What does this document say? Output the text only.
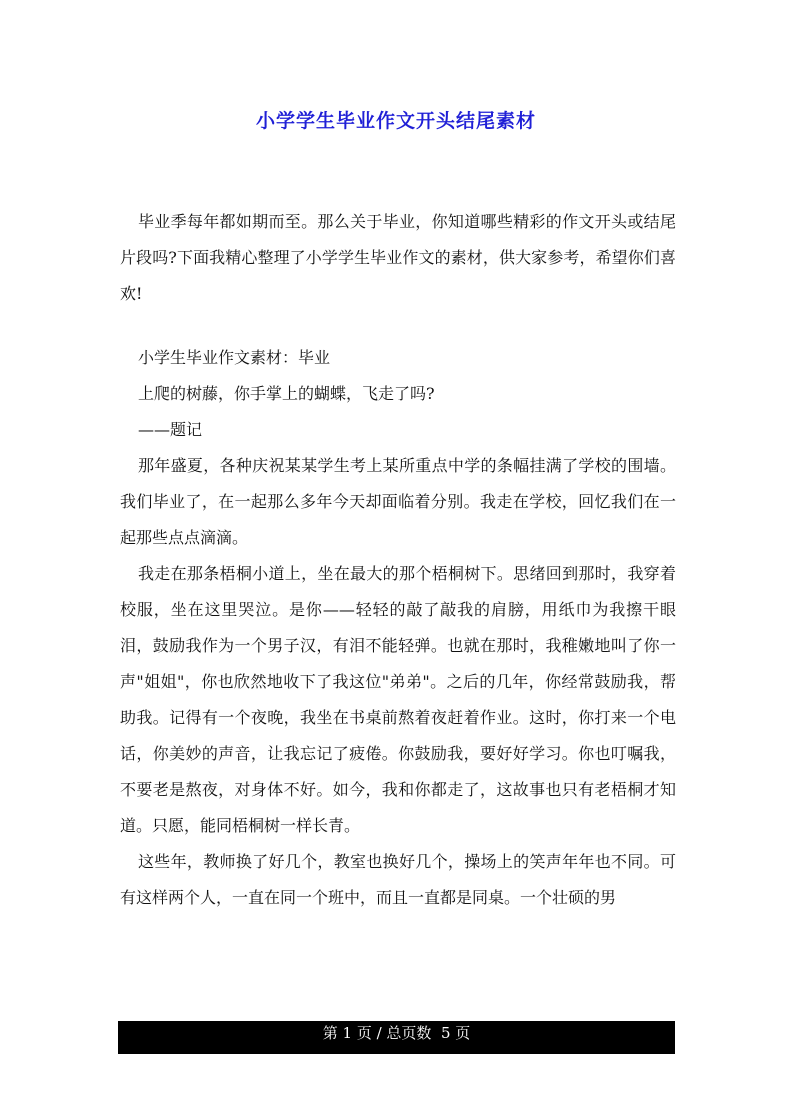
小学学生毕业作文开头结尾素材

毕业季每年都如期而至。那么关于毕业，你知道哪些精彩的作文开头或结尾片段吗?下面我精心整理了小学学生毕业作文的素材，供大家参考，希望你们喜欢!

小学生毕业作文素材：毕业

上爬的树藤，你手掌上的蝴蝶，飞走了吗?

——题记

那年盛夏，各种庆祝某某学生考上某所重点中学的条幅挂满了学校的围墙。我们毕业了，在一起那么多年今天却面临着分别。我走在学校，回忆我们在一起那些点点滴滴。

我走在那条梧桐小道上，坐在最大的那个梧桐树下。思绪回到那时，我穿着校服，坐在这里哭泣。是你——轻轻的敲了敲我的肩膀，用纸巾为我擦干眼泪，鼓励我作为一个男子汉，有泪不能轻弹。也就在那时，我稚嫩地叫了你一声"姐姐"，你也欣然地收下了我这位"弟弟"。之后的几年，你经常鼓励我，帮助我。记得有一个夜晚，我坐在书桌前熬着夜赶着作业。这时，你打来一个电话，你美妙的声音，让我忘记了疲倦。你鼓励我，要好好学习。你也叮嘱我，不要老是熬夜，对身体不好。如今，我和你都走了，这故事也只有老梧桐才知道。只愿，能同梧桐树一样长青。

这些年，教师换了好几个，教室也换好几个，操场上的笑声年年也不同。可有这样两个人，一直在同一个班中，而且一直都是同桌。一个壮硕的男

第 1 页 / 总页数  5 页
